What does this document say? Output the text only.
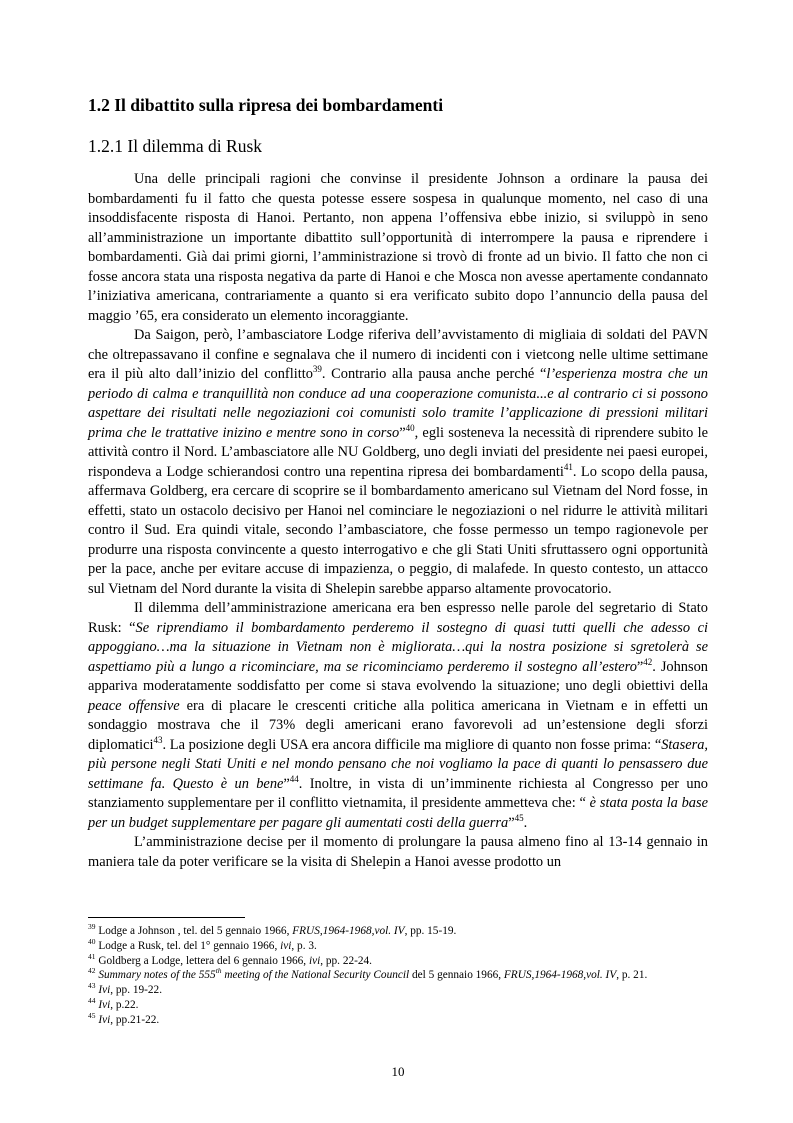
1.2 Il dibattito sulla ripresa dei bombardamenti
1.2.1 Il dilemma di Rusk

Una delle principali ragioni che convinse il presidente Johnson a ordinare la pausa dei bombardamenti fu il fatto che questa potesse essere sospesa in qualunque momento, nel caso di una insoddisfacente risposta di Hanoi. Pertanto, non appena l’offensiva ebbe inizio, si sviluppò in seno all’amministrazione un importante dibattito sull’opportunità di interrompere la pausa e riprendere i bombardamenti. Già dai primi giorni, l’amministrazione si trovò di fronte ad un bivio. Il fatto che non ci fosse ancora stata una risposta negativa da parte di Hanoi e che Mosca non avesse apertamente condannato l’iniziativa americana, contrariamente a quanto si era verificato subito dopo l’annuncio della pausa del maggio ’65, era considerato un elemento incoraggiante.

Da Saigon, però, l’ambasciatore Lodge riferiva dell’avvistamento di migliaia di soldati del PAVN che oltrepassavano il confine e segnalava che il numero di incidenti con i vietcong nelle ultime settimane era il più alto dall’inizio del conflitto$^{39}$. Contrario alla pausa anche perché “l’esperienza mostra che un periodo di calma e tranquillità non conduce ad una cooperazione comunista...e al contrario ci si possono aspettare dei risultati nelle negoziazioni coi comunisti solo tramite l’applicazione di pressioni militari prima che le trattative inizino e mentre sono in corso”$^{40}$, egli sosteneva la necessità di riprendere subito le attività contro il Nord. L’ambasciatore alle NU Goldberg, uno degli inviati del presidente nei paesi europei, rispondeva a Lodge schierandosi contro una repentina ripresa dei bombardamenti$^{41}$. Lo scopo della pausa, affermava Goldberg, era cercare di scoprire se il bombardamento americano sul Vietnam del Nord fosse, in effetti, stato un ostacolo decisivo per Hanoi nel cominciare le negoziazioni o nel ridurre le attività militari contro il Sud. Era quindi vitale, secondo l’ambasciatore, che fosse permesso un tempo ragionevole per produrre una risposta convincente a questo interrogativo e che gli Stati Uniti sfruttassero ogni opportunità per la pace, anche per evitare accuse di impazienza, o peggio, di malafede. In questo contesto, un attacco sul Vietnam del Nord durante la visita di Shelepin sarebbe apparso altamente provocatorio.

Il dilemma dell’amministrazione americana era ben espresso nelle parole del segretario di Stato Rusk: “Se riprendiamo il bombardamento perderemo il sostegno di quasi tutti quelli che adesso ci appoggiano…ma la situazione in Vietnam non è migliorata…qui la nostra posizione si sgretolerà se aspettiamo più a lungo a ricominciare, ma se ricominciamo perderemo il sostegno all’estero”$^{42}$. Johnson appariva moderatamente soddisfatto per come si stava evolvendo la situazione; uno degli obiettivi della peace offensive era di placare le crescenti critiche alla politica americana in Vietnam e in effetti un sondaggio mostrava che il 73% degli americani erano favorevoli ad un’estensione degli sforzi diplomatici$^{43}$. La posizione degli USA era ancora difficile ma migliore di quanto non fosse prima: “Stasera, più persone negli Stati Uniti e nel mondo pensano che noi vogliamo la pace di quanti lo pensassero due settimane fa. Questo è un bene”$^{44}$. Inoltre, in vista di un’imminente richiesta al Congresso per uno stanziamento supplementare per il conflitto vietnamita, il presidente ammetteva che: “ è stata posta la base per un budget supplementare per pagare gli aumentati costi della guerra”$^{45}$.

L’amministrazione decise per il momento di prolungare la pausa almeno fino al 13-14 gennaio in maniera tale da poter verificare se la visita di Shelepin a Hanoi avesse prodotto un

$^{39}$ Lodge a Johnson , tel. del 5 gennaio 1966, FRUS,1964-1968,vol. IV, pp. 15-19.
$^{40}$ Lodge a Rusk, tel. del 1° gennaio 1966, ivi, p. 3.
$^{41}$ Goldberg a Lodge, lettera del 6 gennaio 1966, ivi, pp. 22-24.
$^{42}$ Summary notes of the 555th meeting of the National Security Council del 5 gennaio 1966, FRUS,1964-1968,vol. IV, p. 21.
$^{43}$ Ivi, pp. 19-22.
$^{44}$ Ivi, p.22.
$^{45}$ Ivi, pp.21-22.
10
